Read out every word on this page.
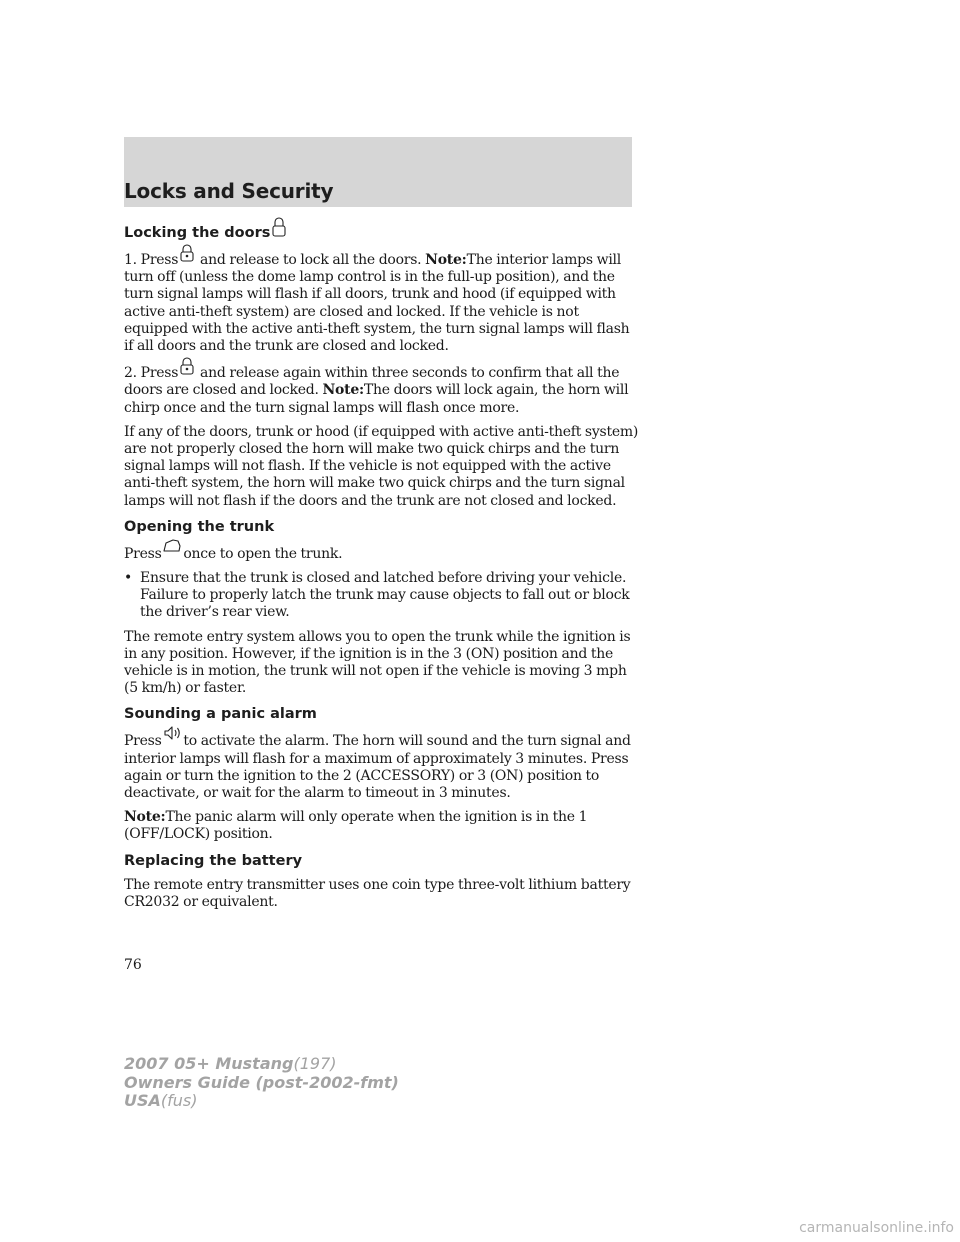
Locks and Security
Locking the doors

1. Press and release to lock all the doors. Note:The interior lamps will turn off (unless the dome lamp control is in the full-up position), and the turn signal lamps will flash if all doors, trunk and hood (if equipped with active anti-theft system) are closed and locked. If the vehicle is not equipped with the active anti-theft system, the turn signal lamps will flash if all doors and the trunk are closed and locked.

2. Press and release again within three seconds to confirm that all the doors are closed and locked. Note:The doors will lock again, the horn will chirp once and the turn signal lamps will flash once more.

If any of the doors, trunk or hood (if equipped with active anti-theft system) are not properly closed the horn will make two quick chirps and the turn signal lamps will not flash. If the vehicle is not equipped with the active anti-theft system, the horn will make two quick chirps and the turn signal lamps will not flash if the doors and the trunk are not closed and locked.

Opening the trunk

Press once to open the trunk.

• Ensure that the trunk is closed and latched before driving your vehicle. Failure to properly latch the trunk may cause objects to fall out or block the driver’s rear view.

The remote entry system allows you to open the trunk while the ignition is in any position. However, if the ignition is in the 3 (ON) position and the vehicle is in motion, the trunk will not open if the vehicle is moving 3 mph (5 km/h) or faster.

Sounding a panic alarm

Press to activate the alarm. The horn will sound and the turn signal and interior lamps will flash for a maximum of approximately 3 minutes. Press again or turn the ignition to the 2 (ACCESSORY) or 3 (ON) position to deactivate, or wait for the alarm to timeout in 3 minutes.

Note:The panic alarm will only operate when the ignition is in the 1 (OFF/LOCK) position.

Replacing the battery

The remote entry transmitter uses one coin type three-volt lithium battery CR2032 or equivalent.

76
2007 05+ Mustang(197)
Owners Guide (post-2002-fmt)
USA(fus)
carmanualsonline.info
